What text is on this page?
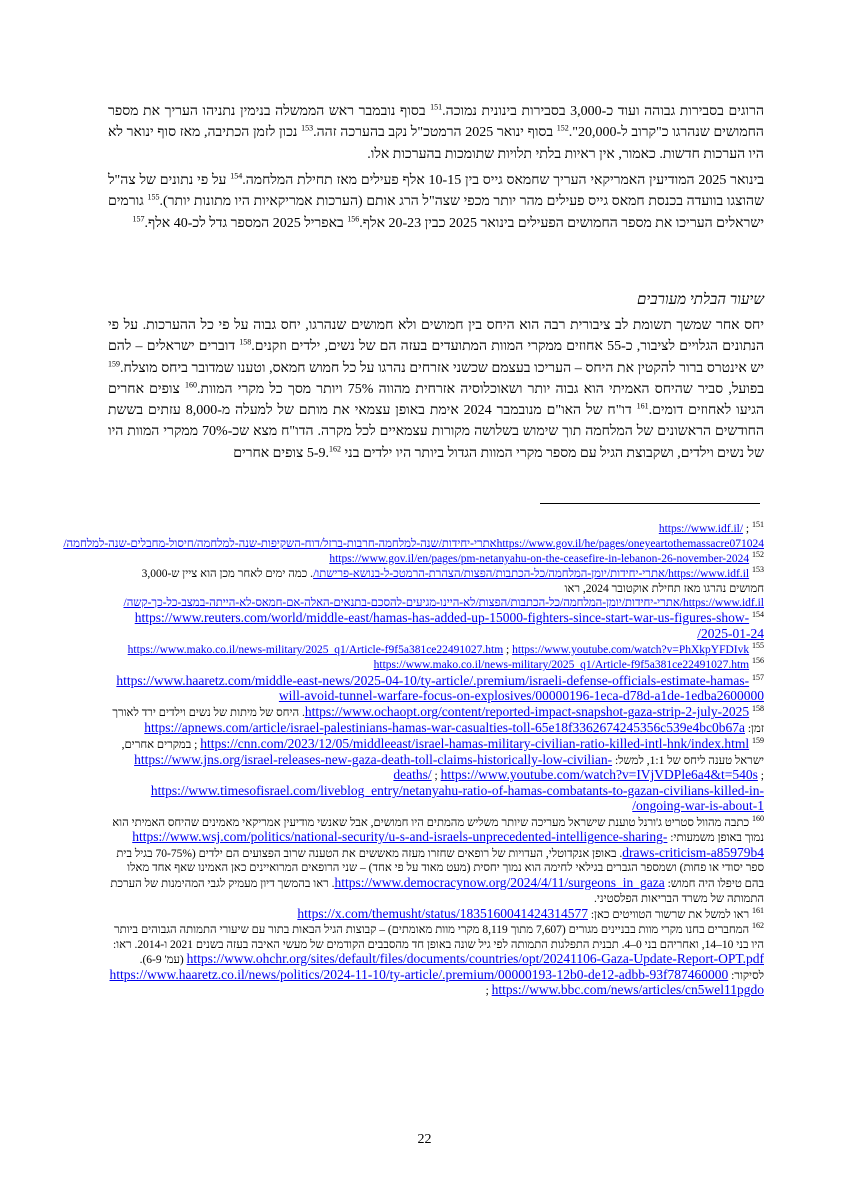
הרוגים בסבירות גבוהה ועוד כ-3,000 בסבירות בינונית נמוכה.$^{151}$ בסוף נובמבר ראש הממשלה בנימין נתניהו העריך את מספר החמושים שנהרגו כ"קרוב ל-20,000".$^{152}$ בסוף ינואר 2025 הרמטכ"ל נקב בהערכה זהה.$^{153}$ נכון לזמן הכתיבה, מאז סוף ינואר לא היו הערכות חדשות. כאמור, אין ראיות בלתי תלויות שתומכות בהערכות אלו.
בינואר 2025 המודיעין האמריקאי העריך שחמאס גייס בין 10-15 אלף פעילים מאז תחילת המלחמה.$^{154}$ על פי נתונים של צה"ל שהוצגו בוועדה בכנסת חמאס גייס פעילים מהר יותר מכפי שצה"ל הרג אותם (הערכות אמריקאיות היו מתונות יותר).$^{155}$ גורמים ישראלים העריכו את מספר החמושים הפעילים בינואר 2025 כבין 20-23 אלף.$^{156}$ באפריל 2025 המספר גדל לכ-40 אלף.$^{157}$
שיעור הבלתי מעורבים
יחס אחר שמשך תשומת לב ציבורית רבה הוא היחס בין חמושים ולא חמושים שנהרגו, יחס גבוה על פי כל ההערכות. על פי הנתונים הגלויים לציבור, כ-55 אחוזים ממקרי המוות המתועדים בעזה הם של נשים, ילדים וזקנים.$^{158}$ דוברים ישראלים – להם יש אינטרס ברור להקטין את היחס – העריכו בעצמם שכשני אזרחים נהרגו על כל חמוש חמאס, וטענו שמדובר ביחס מוצלח.$^{159}$ בפועל, סביר שהיחס האמיתי הוא גבוה יותר ושאוכלוסיה אזרחית מהווה 75% ויותר מסך כל מקרי המוות.$^{160}$ צופים אחרים הגיעו לאחוזים דומים.$^{161}$ דו"ח של האו"ם מנובמבר 2024 אימת באופן עצמאי את מותם של למעלה מ-8,000 עזתים בששת החודשים הראשונים של המלחמה תוך שימוש בשלושה מקורות עצמאיים לכל מקרה. הדו"ח מצא שכ-70% ממקרי המוות היו של נשים וילדים, ושקבוצת הגיל עם מספר מקרי המוות הגדול ביותר היו ילדים בני 5-9.$^{162}$ צופים אחרים

$^{151}$ https://www.idf.il/ ; https://www.gov.il/he/pages/oneyeartothemassacre071024אתרי-יחידות/שנה-למלחמה-חרבות-ברזל/דוח-השקיפות-שנה-למלחמה/חיסול-מחבלים-שנה-למלחמה/

$^{152}$ https://www.gov.il/en/pages/pm-netanyahu-on-the-ceasefire-in-lebanon-26-november-2024

$^{153}$ https://www.idf.il/אתרי-יחידות/יומן-המלחמה/כל-הכתבות/הפצות/הצהרת-הרמטכ-ל-בנושא-פרישתו/. כמה ימים לאחר מכן הוא ציין ש-3,000 חמושים נהרגו מאז תחילת אוקטובר 2024, ראו https://www.idf.il/אתרי-יחידות/יומן-המלחמה/כל-הכתבות/הפצות/לא-היינו-מגיעים-להסכם-בתנאים-האלה-אם-חמאס-לא-הייתה-במצב-כל-כך-קשה/

$^{154}$ https://www.reuters.com/world/middle-east/hamas-has-added-up-15000-fighters-since-start-war-us-figures-show-2025-01-24/

$^{155}$ https://www.mako.co.il/news-military/2025_q1/Article-f9f5a381ce22491027.htm ; https://www.youtube.com/watch?v=PhXkpYFDIvk

$^{156}$ https://www.mako.co.il/news-military/2025_q1/Article-f9f5a381ce22491027.htm

$^{157}$ https://www.haaretz.com/middle-east-news/2025-04-10/ty-article/.premium/israeli-defense-officials-estimate-hamas-will-avoid-tunnel-warfare-focus-on-explosives/00000196-1eca-d78d-a1de-1edba2600000

$^{158}$ https://www.ochaopt.org/content/reported-impact-snapshot-gaza-strip-2-july-2025. היחס של מיתות של נשים וילדים ירד לאורך זמן: https://apnews.com/article/israel-palestinians-hamas-war-casualties-toll-65e18f3362674245356c539e4bc0b67a

$^{159}$ https://cnn.com/2023/12/05/middleeast/israel-hamas-military-civilian-ratio-killed-intl-hnk/index.html ; במקרים אחרים, ישראל טענה ליחס של 1:1, למשל: https://www.jns.org/israel-releases-new-gaza-death-toll-claims-historically-low-civilian-deaths/ ; https://www.youtube.com/watch?v=IVjVDPle6a4&t=540s ; https://www.timesofisrael.com/liveblog_entry/netanyahu-ratio-of-hamas-combatants-to-gazan-civilians-killed-in-ongoing-war-is-about-1/

$^{160}$ כתבה מהוול סטריט ג'ורנל טוענת שישראל מעריכה שיותר משליש מהמתים היו חמושים, אבל שאנשי מודיעין אמריקאי מאמינים שהיחס האמיתי הוא נמוך באופן משמעותי: https://www.wsj.com/politics/national-security/u-s-and-israels-unprecedented-intelligence-sharing-draws-criticism-a85979b4. באופן אנקדוטלי, העדויות של רופאים שחזרו מעזה מאששים את הטענה שרוב הפצועים הם ילדים (70-75% בגיל בית ספר יסודי או פחות) ושמספר הגברים בגילאי לחימה הוא נמוך יחסית (מעט מאוד על פי אחד) – שני הרופאים המרואיינים כאן האמינו שאף אחד מאלו בהם טיפלו היה חמוש: https://www.democracynow.org/2024/4/11/surgeons_in_gaza. ראו בהמשך דיון מעמיק לגבי המהימנות של הערכת התמותה של משרד הבריאות הפלסטיני.

$^{161}$ ראו למשל את שרשור הטוויטים כאן: https://x.com/themusht/status/1835160041424314577

$^{162}$ המחברים בחנו מקרי מוות בבניינים מגורים (7,607 מתוך 8,119 מקרי מוות מאומתים) – קבוצות הגיל הבאות בתור עם שיעורי התמותה הגבוהים ביותר היו בני 10–14, ואחריהם בני 0–4. תבנית התפלגות התמותה לפי גיל שונה באופן חד מהסבבים הקודמים של מעשי האיבה בעזה בשנים 2021 ו-2014. ראו: https://www.ohchr.org/sites/default/files/documents/countries/opt/20241106-Gaza-Update-Report-OPT.pdf (עמ' 6-9). לסיקור: https://www.haaretz.co.il/news/politics/2024-11-10/ty-article/.premium/00000193-12b0-de12-adbb-93f787460000 ; https://www.bbc.com/news/articles/cn5wel11pgdo

22
